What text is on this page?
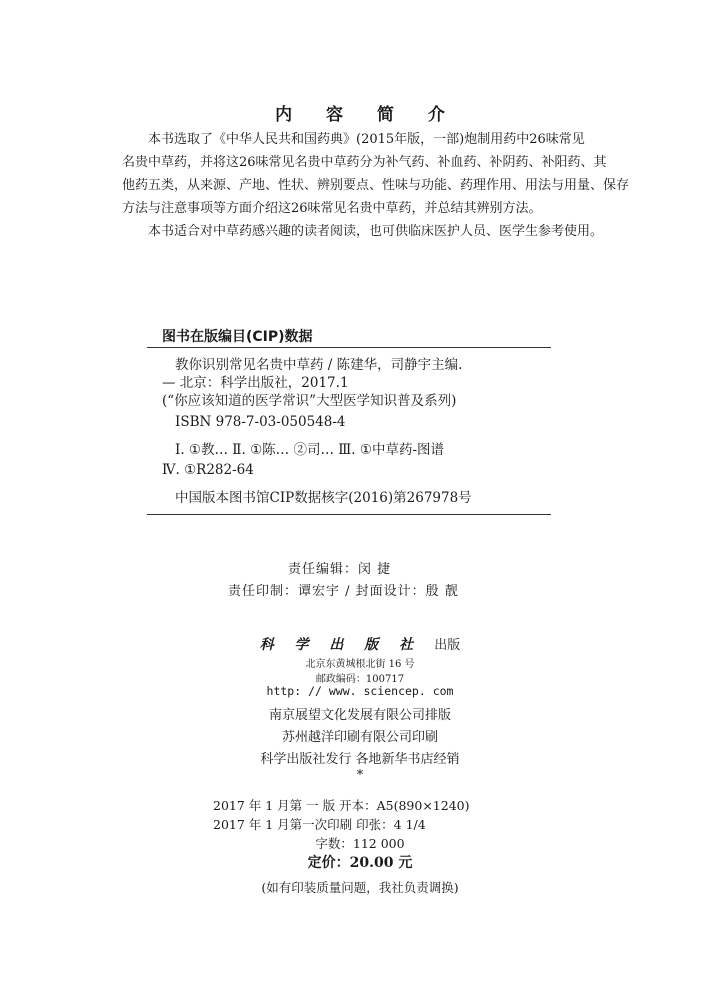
内 容 简 介
本书选取了《中华人民共和国药典》(2015年版，一部)炮制用药中26味常见
名贵中草药，并将这26味常见名贵中草药分为补气药、补血药、补阴药、补阳药、其
他药五类，从来源、产地、性状、辨别要点、性味与功能、药理作用、用法与用量、保存
方法与注意事项等方面介绍这26味常见名贵中草药，并总结其辨别方法。
本书适合对中草药感兴趣的读者阅读，也可供临床医护人员、医学生参考使用。
图书在版编目(CIP)数据
教你识别常见名贵中草药 / 陈建华，司静宇主编.
— 北京：科学出版社，2017.1
(“你应该知道的医学常识”大型医学知识普及系列)
ISBN 978-7-03-050548-4
Ⅰ. ①教… Ⅱ. ①陈… ②司… Ⅲ. ①中草药-图谱
Ⅳ. ①R282-64
中国版本图书馆CIP数据核字(2016)第267978号
责任编辑：闵 捷
责任印制：谭宏宇 / 封面设计：殷 靓
科 学 出 版 社 出版
北京东黄城根北街 16 号
邮政编码：100717
http: // www. sciencep. com
南京展望文化发展有限公司排版
苏州越洋印刷有限公司印刷
科学出版社发行 各地新华书店经销
*
2017 年 1 月第 一 版 开本：A5(890×1240)
2017 年 1 月第一次印刷 印张：4 1/4
字数：112 000
定价：20.00 元
(如有印装质量问题，我社负责调换)
